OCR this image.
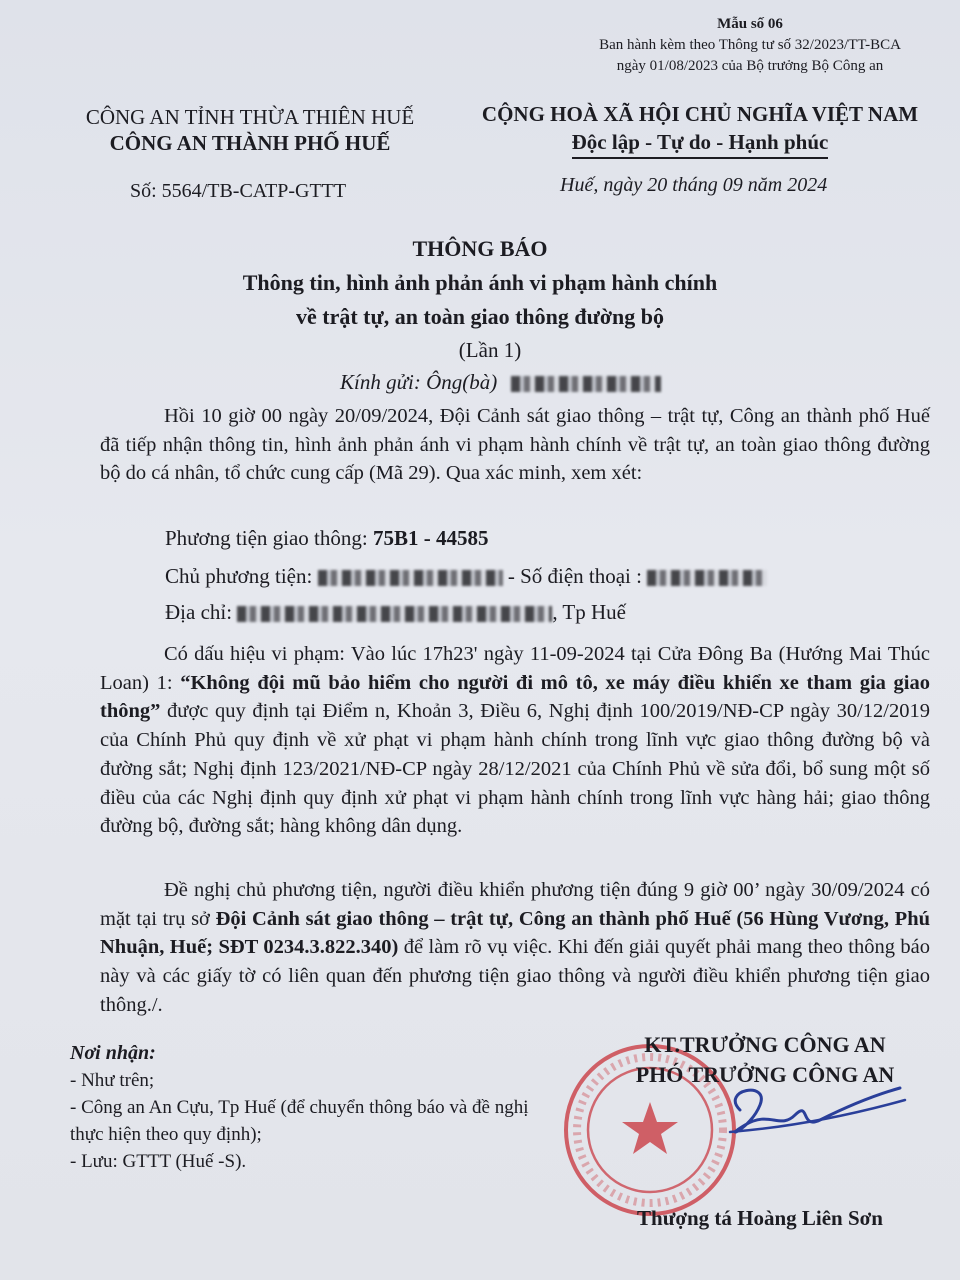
Mẫu số 06
Ban hành kèm theo Thông tư số 32/2023/TT-BCA
ngày 01/08/2023 của Bộ trưởng Bộ Công an
CÔNG AN TỈNH THỪA THIÊN HUẾ
CÔNG AN THÀNH PHỐ HUẾ
CỘNG HOÀ XÃ HỘI CHỦ NGHĨA VIỆT NAM
Độc lập - Tự do - Hạnh phúc
Số: 5564/TB-CATP-GTTT	Huế, ngày 20 tháng 09 năm 2024
THÔNG BÁO
Thông tin, hình ảnh phản ánh vi phạm hành chính
về trật tự, an toàn giao thông đường bộ
(Lần 1)
Kính gửi: Ông(bà)
Hồi 10 giờ 00 ngày 20/09/2024, Đội Cảnh sát giao thông – trật tự, Công an thành phố Huế đã tiếp nhận thông tin, hình ảnh phản ánh vi phạm hành chính về trật tự, an toàn giao thông đường bộ do cá nhân, tổ chức cung cấp (Mã 29). Qua xác minh, xem xét:
Phương tiện giao thông: 75B1 - 44585
Chủ phương tiện:	- Số điện thoại :
Địa chỉ:	, Tp Huế
Có dấu hiệu vi phạm: Vào lúc 17h23' ngày 11-09-2024 tại Cửa Đông Ba (Hướng Mai Thúc Loan) 1: “Không đội mũ bảo hiểm cho người đi mô tô, xe máy điều khiển xe tham gia giao thông” được quy định tại Điểm n, Khoản 3, Điều 6, Nghị định 100/2019/NĐ-CP ngày 30/12/2019 của Chính Phủ quy định về xử phạt vi phạm hành chính trong lĩnh vực giao thông đường bộ và đường sắt; Nghị định 123/2021/NĐ-CP ngày 28/12/2021 của Chính Phủ về sửa đổi, bổ sung một số điều của các Nghị định quy định xử phạt vi phạm hành chính trong lĩnh vực hàng hải; giao thông đường bộ, đường sắt; hàng không dân dụng.
Đề nghị chủ phương tiện, người điều khiển phương tiện đúng 9 giờ 00’ ngày 30/09/2024 có mặt tại trụ sở Đội Cảnh sát giao thông – trật tự, Công an thành phố Huế (56 Hùng Vương, Phú Nhuận, Huế; SĐT 0234.3.822.340) để làm rõ vụ việc. Khi đến giải quyết phải mang theo thông báo này và các giấy tờ có liên quan đến phương tiện giao thông và người điều khiển phương tiện giao thông./.
Nơi nhận:
- Như trên;
- Công an An Cựu, Tp Huế (để chuyển thông báo và đề nghị thực hiện theo quy định);
- Lưu: GTTT (Huế -S).
KT.TRƯỞNG CÔNG AN
PHÓ TRƯỞNG CÔNG AN
Thượng tá Hoàng Liên Sơn
